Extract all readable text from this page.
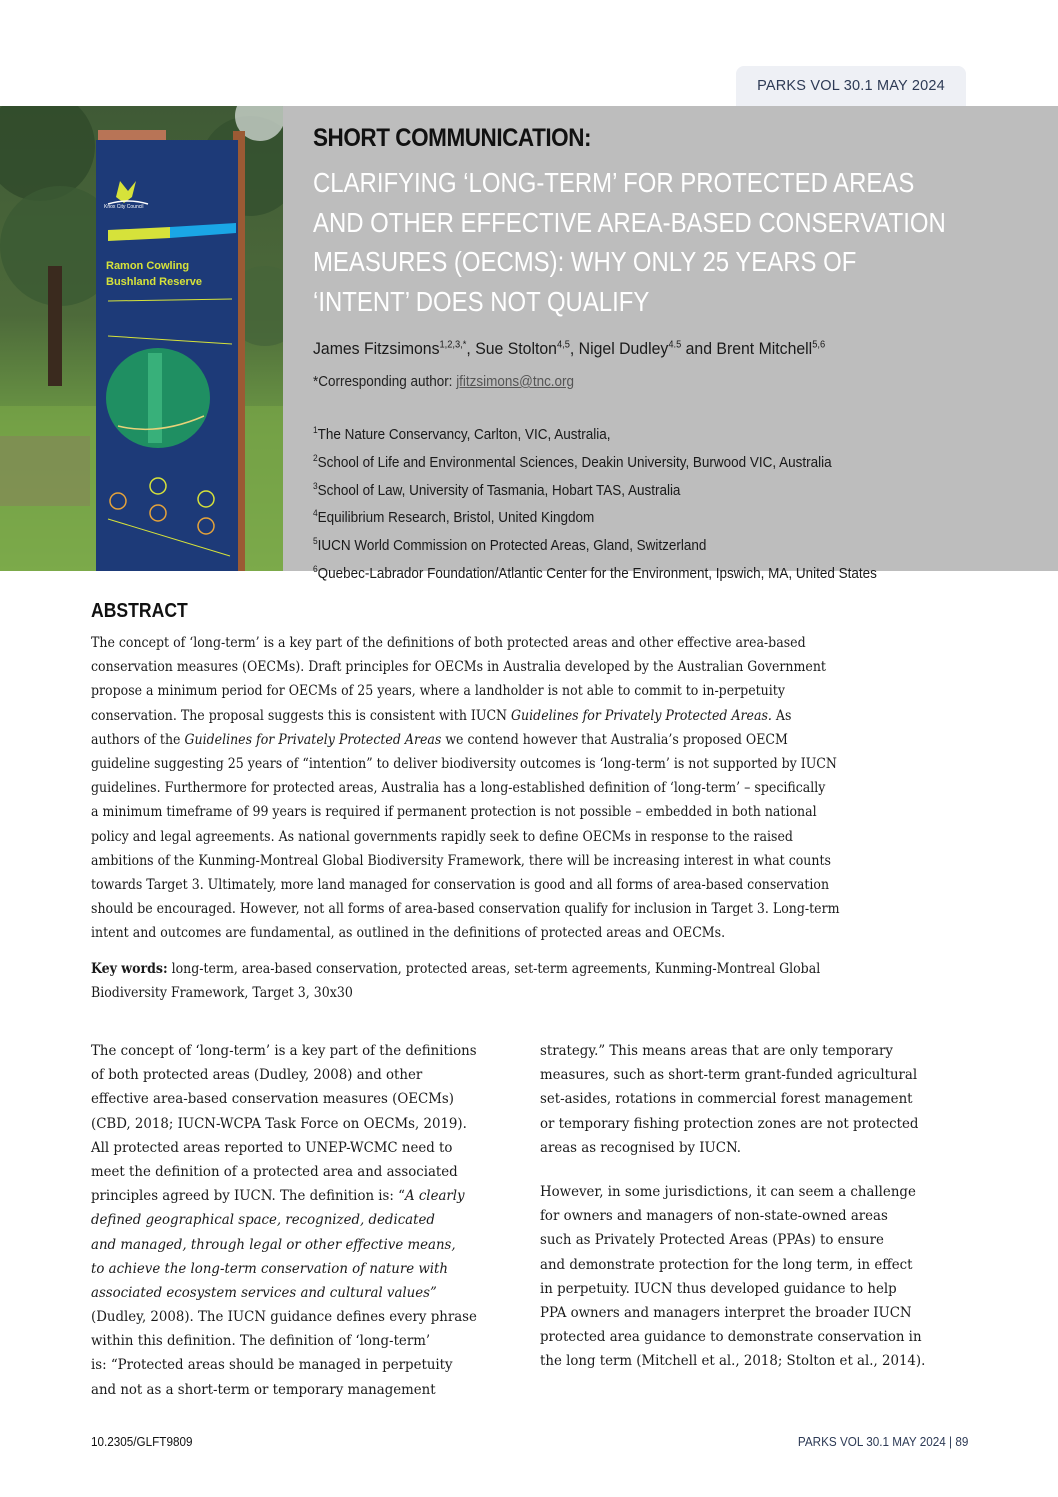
PARKS VOL 30.1 MAY 2024
Knox City Council
Ramon Cowling
Bushland Reserve
SHORT COMMUNICATION:
CLARIFYING ‘LONG-TERM’ FOR PROTECTED AREAS
AND OTHER EFFECTIVE AREA-BASED CONSERVATION
MEASURES (OECMS): WHY ONLY 25 YEARS OF
‘INTENT’ DOES NOT QUALIFY
James Fitzsimons$^{1,2,3,*}$, Sue Stolton$^{4,5}$, Nigel Dudley$^{4.5}$ and Brent Mitchell$^{5,6}$
*Corresponding author: jfitzsimons@tnc.org
$^1$The Nature Conservancy, Carlton, VIC, Australia,
$^2$School of Life and Environmental Sciences, Deakin University, Burwood VIC, Australia
$^3$School of Law, University of Tasmania, Hobart TAS, Australia
$^4$Equilibrium Research, Bristol, United Kingdom
$^5$IUCN World Commission on Protected Areas, Gland, Switzerland
$^6$Quebec-Labrador Foundation/Atlantic Center for the Environment, Ipswich, MA, United States
ABSTRACT
The concept of ‘long-term’ is a key part of the definitions of both protected areas and other effective area-based
conservation measures (OECMs). Draft principles for OECMs in Australia developed by the Australian Government
propose a minimum period for OECMs of 25 years, where a landholder is not able to commit to in-perpetuity
conservation. The proposal suggests this is consistent with IUCN Guidelines for Privately Protected Areas. As
authors of the Guidelines for Privately Protected Areas we contend however that Australia’s proposed OECM
guideline suggesting 25 years of “intention” to deliver biodiversity outcomes is ‘long-term’ is not supported by IUCN
guidelines. Furthermore for protected areas, Australia has a long-established definition of ‘long-term’ – specifically
a minimum timeframe of 99 years is required if permanent protection is not possible – embedded in both national
policy and legal agreements. As national governments rapidly seek to define OECMs in response to the raised
ambitions of the Kunming-Montreal Global Biodiversity Framework, there will be increasing interest in what counts
towards Target 3. Ultimately, more land managed for conservation is good and all forms of area-based conservation
should be encouraged. However, not all forms of area-based conservation qualify for inclusion in Target 3. Long-term
intent and outcomes are fundamental, as outlined in the definitions of protected areas and OECMs.
Key words: long-term, area-based conservation, protected areas, set-term agreements, Kunming-Montreal Global
Biodiversity Framework, Target 3, 30x30
The concept of ‘long-term’ is a key part of the definitions
of both protected areas (Dudley, 2008) and other
effective area-based conservation measures (OECMs)
(CBD, 2018; IUCN-WCPA Task Force on OECMs, 2019).
All protected areas reported to UNEP-WCMC need to
meet the definition of a protected area and associated
principles agreed by IUCN. The definition is: “A clearly
defined geographical space, recognized, dedicated
and managed, through legal or other effective means,
to achieve the long-term conservation of nature with
associated ecosystem services and cultural values”
(Dudley, 2008). The IUCN guidance defines every phrase
within this definition. The definition of ‘long-term’
is: “Protected areas should be managed in perpetuity
and not as a short-term or temporary management
strategy.” This means areas that are only temporary
measures, such as short-term grant-funded agricultural
set-asides, rotations in commercial forest management
or temporary fishing protection zones are not protected
areas as recognised by IUCN.
However, in some jurisdictions, it can seem a challenge
for owners and managers of non-state-owned areas
such as Privately Protected Areas (PPAs) to ensure
and demonstrate protection for the long term, in effect
in perpetuity. IUCN thus developed guidance to help
PPA owners and managers interpret the broader IUCN
protected area guidance to demonstrate conservation in
the long term (Mitchell et al., 2018; Stolton et al., 2014).
10.2305/GLFT9809	PARKS VOL 30.1 MAY 2024 | 89
